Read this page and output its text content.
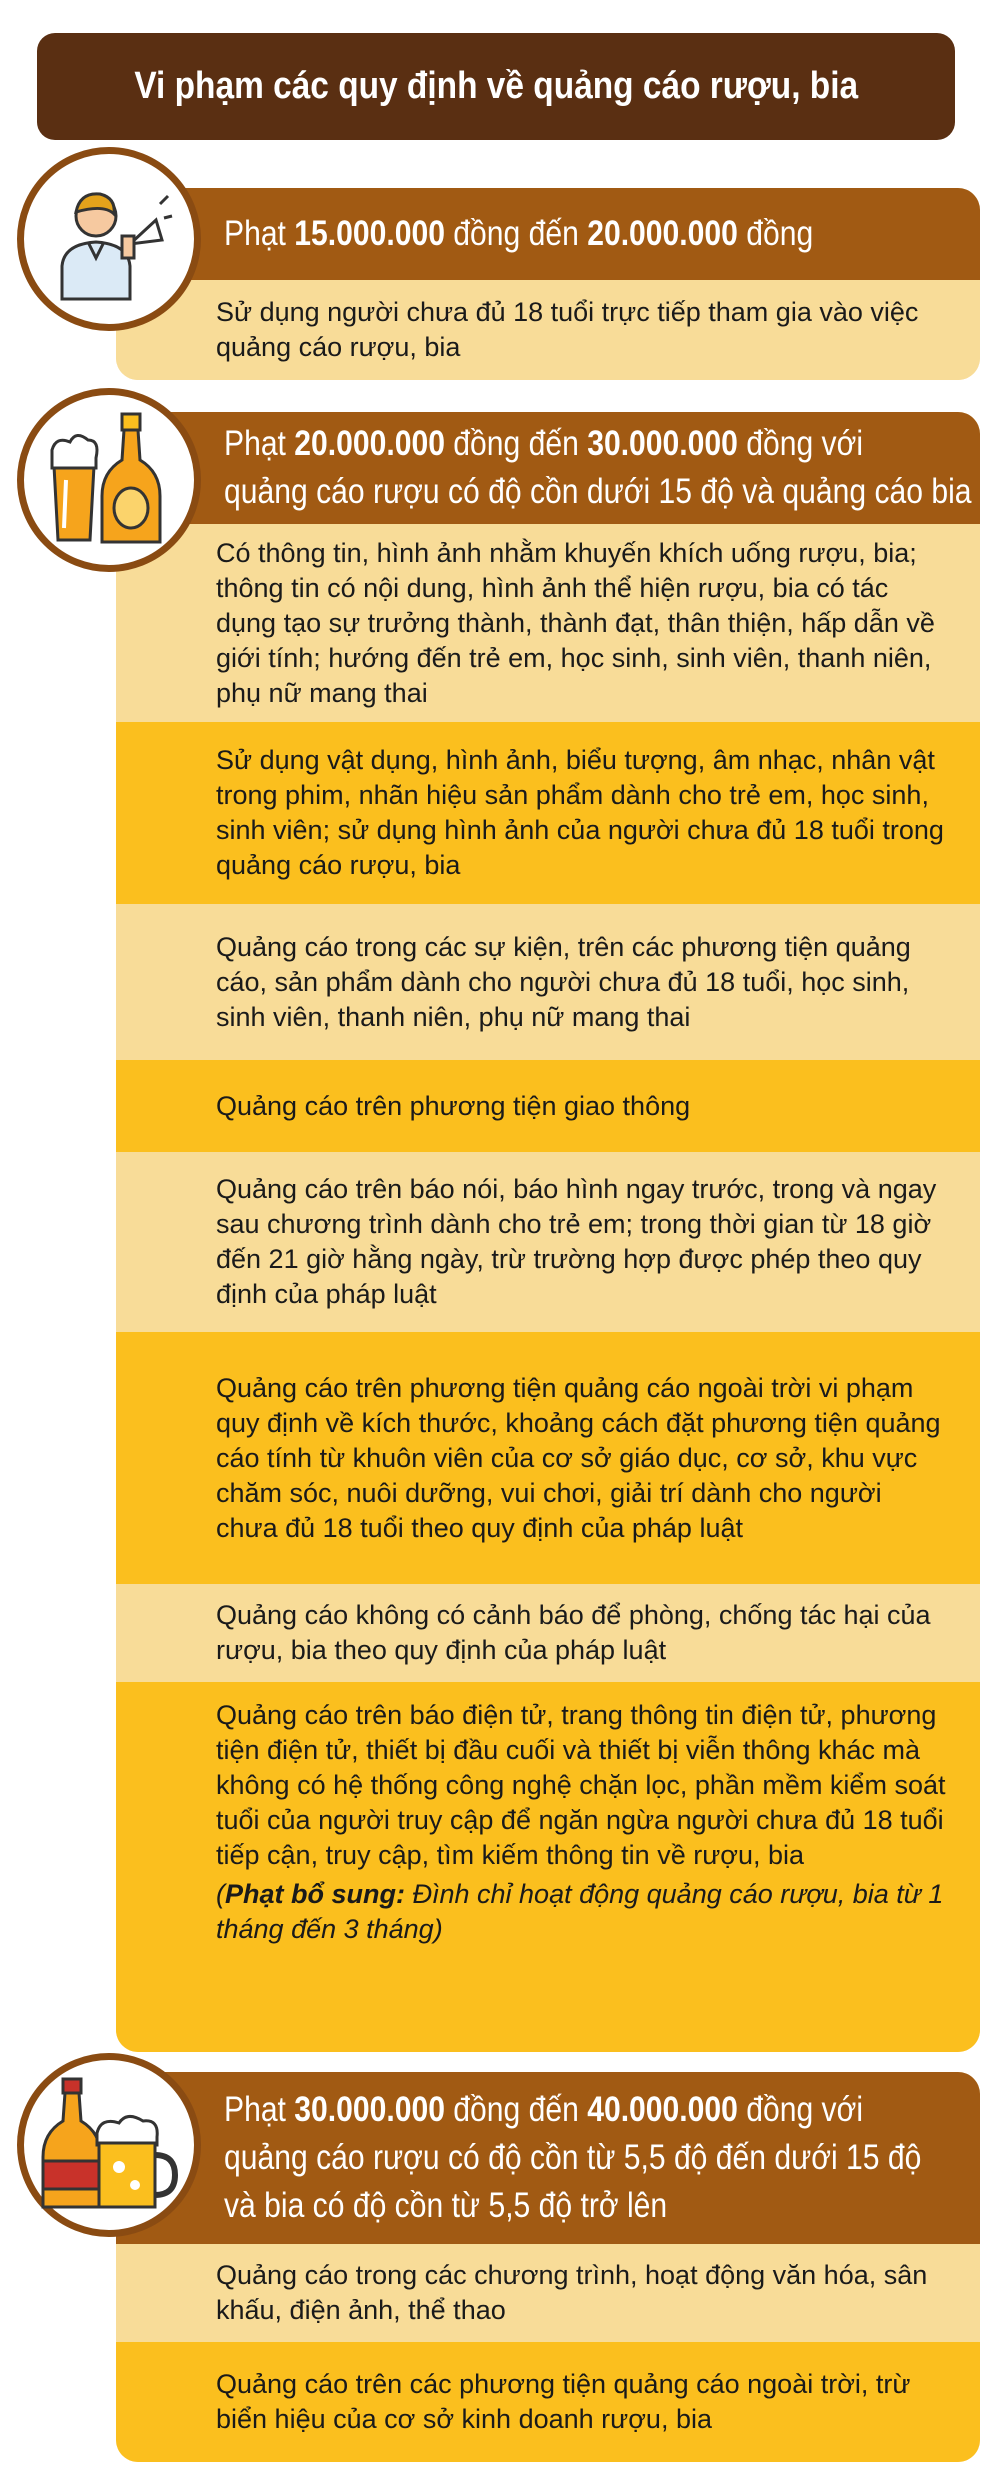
Vi phạm các quy định về quảng cáo rượu, bia
Phạt 15.000.000 đồng đến 20.000.000 đồng
Sử dụng người chưa đủ 18 tuổi trực tiếp tham gia vào việc quảng cáo rượu, bia
Phạt 20.000.000 đồng đến 30.000.000 đồng với
quảng cáo rượu có độ cồn dưới 15 độ và quảng cáo bia
Có thông tin, hình ảnh nhằm khuyến khích uống rượu, bia; thông tin có nội dung, hình ảnh thể hiện rượu, bia có tác dụng tạo sự trưởng thành, thành đạt, thân thiện, hấp dẫn về giới tính; hướng đến trẻ em, học sinh, sinh viên, thanh niên, phụ nữ mang thai
Sử dụng vật dụng, hình ảnh, biểu tượng, âm nhạc, nhân vật trong phim, nhãn hiệu sản phẩm dành cho trẻ em, học sinh, sinh viên; sử dụng hình ảnh của người chưa đủ 18 tuổi trong quảng cáo rượu, bia
Quảng cáo trong các sự kiện, trên các phương tiện quảng cáo, sản phẩm dành cho người chưa đủ 18 tuổi, học sinh, sinh viên, thanh niên, phụ nữ mang thai
Quảng cáo trên phương tiện giao thông
Quảng cáo trên báo nói, báo hình ngay trước, trong và ngay sau chương trình dành cho trẻ em; trong thời gian từ 18 giờ đến 21 giờ hằng ngày, trừ trường hợp được phép theo quy định của pháp luật
Quảng cáo trên phương tiện quảng cáo ngoài trời vi phạm quy định về kích thước, khoảng cách đặt phương tiện quảng cáo tính từ khuôn viên của cơ sở giáo dục, cơ sở, khu vực chăm sóc, nuôi dưỡng, vui chơi, giải trí dành cho người chưa đủ 18 tuổi theo quy định của pháp luật
Quảng cáo không có cảnh báo để phòng, chống tác hại của rượu, bia theo quy định của pháp luật
Quảng cáo trên báo điện tử, trang thông tin điện tử, phương tiện điện tử, thiết bị đầu cuối và thiết bị viễn thông khác mà không có hệ thống công nghệ chặn lọc, phần mềm kiểm soát tuổi của người truy cập để ngăn ngừa người chưa đủ 18 tuổi tiếp cận, truy cập, tìm kiếm thông tin về rượu, bia
(Phạt bổ sung: Đình chỉ hoạt động quảng cáo rượu, bia từ 1 tháng đến 3 tháng)
Phạt 30.000.000 đồng đến 40.000.000 đồng với
quảng cáo rượu có độ cồn từ 5,5 độ đến dưới 15 độ
và bia có độ cồn từ 5,5 độ trở lên
Quảng cáo trong các chương trình, hoạt động văn hóa, sân khấu, điện ảnh, thể thao
Quảng cáo trên các phương tiện quảng cáo ngoài trời, trừ biển hiệu của cơ sở kinh doanh rượu, bia
